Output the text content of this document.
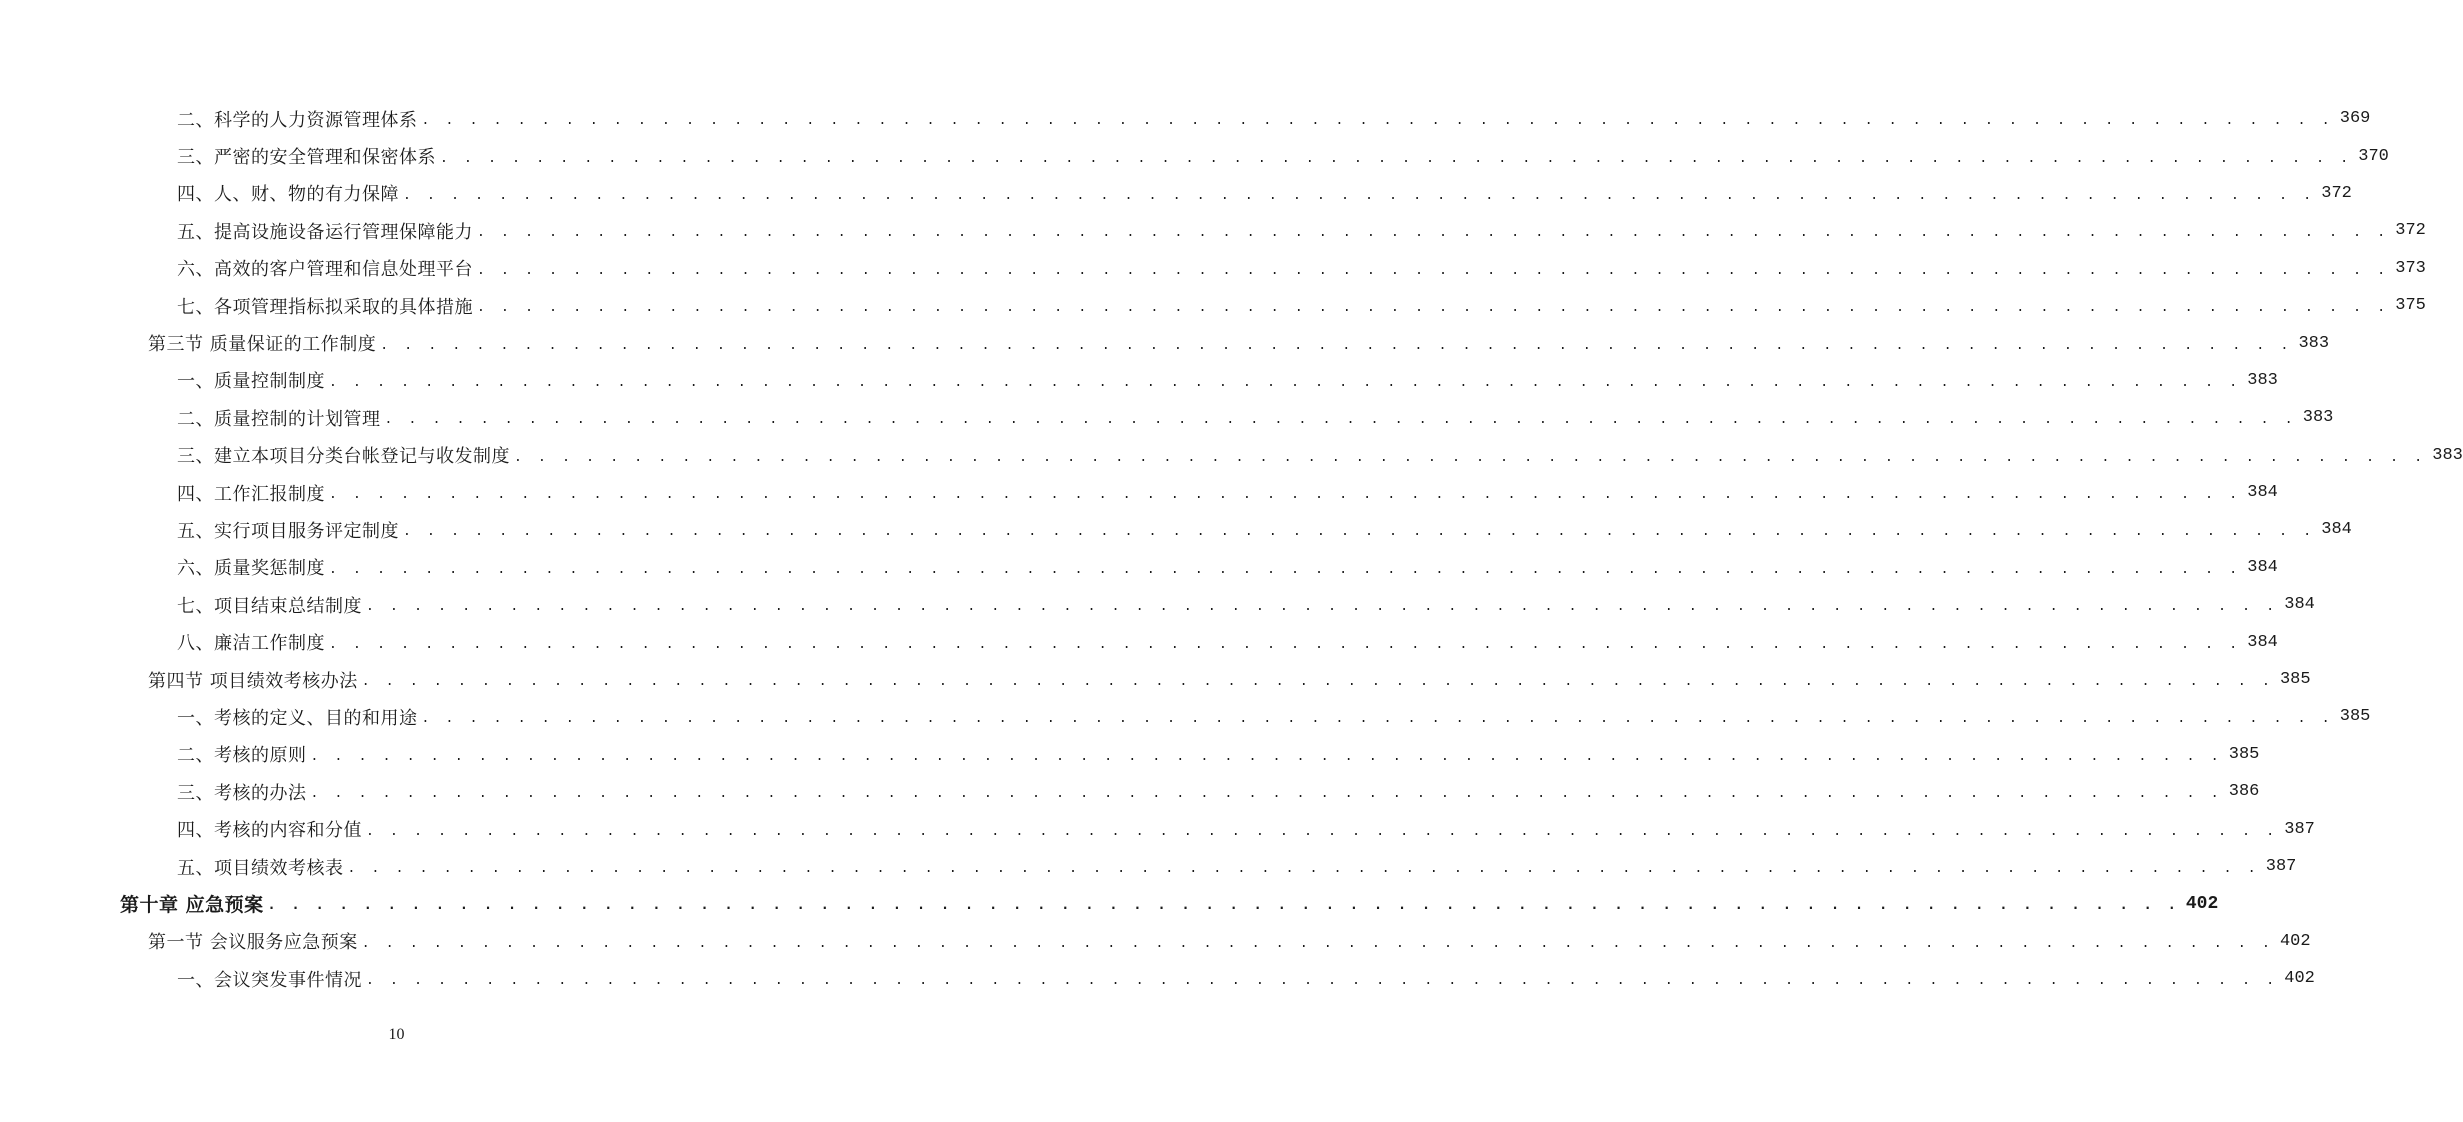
二、科学的人力资源管理体系 . . . . . . . . . . . . . . . . . . . . . . . . . . . . . . . . . . . . . . . . . . . . . . . . . . . . . . . . . . . . . . . . . . . . . . . . . . . . . . . . 369
三、严密的安全管理和保密体系 . . . . . . . . . . . . . . . . . . . . . . . . . . . . . . . . . . . . . . . . . . . . . . . . . . . . . . . . . . . . . . . . . . . . . . . . . . . . . . . . 370
四、人、财、物的有力保障 . . . . . . . . . . . . . . . . . . . . . . . . . . . . . . . . . . . . . . . . . . . . . . . . . . . . . . . . . . . . . . . . . . . . . . . . . . . . . . . . 372
五、提高设施设备运行管理保障能力 . . . . . . . . . . . . . . . . . . . . . . . . . . . . . . . . . . . . . . . . . . . . . . . . . . . . . . . . . . . . . . . . . . . . . . . . . . . . . . . . 372
六、高效的客户管理和信息处理平台 . . . . . . . . . . . . . . . . . . . . . . . . . . . . . . . . . . . . . . . . . . . . . . . . . . . . . . . . . . . . . . . . . . . . . . . . . . . . . . . . 373
七、各项管理指标拟采取的具体措施 . . . . . . . . . . . . . . . . . . . . . . . . . . . . . . . . . . . . . . . . . . . . . . . . . . . . . . . . . . . . . . . . . . . . . . . . . . . . . . . . 375
第三节 质量保证的工作制度 . . . . . . . . . . . . . . . . . . . . . . . . . . . . . . . . . . . . . . . . . . . . . . . . . . . . . . . . . . . . . . . . . . . . . . . . . . . . . . . . 383
一、质量控制制度 . . . . . . . . . . . . . . . . . . . . . . . . . . . . . . . . . . . . . . . . . . . . . . . . . . . . . . . . . . . . . . . . . . . . . . . . . . . . . . . . 383
二、质量控制的计划管理 . . . . . . . . . . . . . . . . . . . . . . . . . . . . . . . . . . . . . . . . . . . . . . . . . . . . . . . . . . . . . . . . . . . . . . . . . . . . . . . . 383
三、建立本项目分类台帐登记与收发制度 . . . . . . . . . . . . . . . . . . . . . . . . . . . . . . . . . . . . . . . . . . . . . . . . . . . . . . . . . . . . . . . . . . . . . . . . . . . . . . . . 383
四、工作汇报制度 . . . . . . . . . . . . . . . . . . . . . . . . . . . . . . . . . . . . . . . . . . . . . . . . . . . . . . . . . . . . . . . . . . . . . . . . . . . . . . . . 384
五、实行项目服务评定制度 . . . . . . . . . . . . . . . . . . . . . . . . . . . . . . . . . . . . . . . . . . . . . . . . . . . . . . . . . . . . . . . . . . . . . . . . . . . . . . . . 384
六、质量奖惩制度 . . . . . . . . . . . . . . . . . . . . . . . . . . . . . . . . . . . . . . . . . . . . . . . . . . . . . . . . . . . . . . . . . . . . . . . . . . . . . . . . 384
七、项目结束总结制度 . . . . . . . . . . . . . . . . . . . . . . . . . . . . . . . . . . . . . . . . . . . . . . . . . . . . . . . . . . . . . . . . . . . . . . . . . . . . . . . . 384
八、廉洁工作制度 . . . . . . . . . . . . . . . . . . . . . . . . . . . . . . . . . . . . . . . . . . . . . . . . . . . . . . . . . . . . . . . . . . . . . . . . . . . . . . . . 384
第四节 项目绩效考核办法 . . . . . . . . . . . . . . . . . . . . . . . . . . . . . . . . . . . . . . . . . . . . . . . . . . . . . . . . . . . . . . . . . . . . . . . . . . . . . . . . 385
一、考核的定义、目的和用途 . . . . . . . . . . . . . . . . . . . . . . . . . . . . . . . . . . . . . . . . . . . . . . . . . . . . . . . . . . . . . . . . . . . . . . . . . . . . . . . . 385
二、考核的原则 . . . . . . . . . . . . . . . . . . . . . . . . . . . . . . . . . . . . . . . . . . . . . . . . . . . . . . . . . . . . . . . . . . . . . . . . . . . . . . . . 385
三、考核的办法 . . . . . . . . . . . . . . . . . . . . . . . . . . . . . . . . . . . . . . . . . . . . . . . . . . . . . . . . . . . . . . . . . . . . . . . . . . . . . . . . 386
四、考核的内容和分值 . . . . . . . . . . . . . . . . . . . . . . . . . . . . . . . . . . . . . . . . . . . . . . . . . . . . . . . . . . . . . . . . . . . . . . . . . . . . . . . . 387
五、项目绩效考核表 . . . . . . . . . . . . . . . . . . . . . . . . . . . . . . . . . . . . . . . . . . . . . . . . . . . . . . . . . . . . . . . . . . . . . . . . . . . . . . . . 387
第十章 应急预案 . . . . . . . . . . . . . . . . . . . . . . . . . . . . . . . . . . . . . . . . . . . . . . . . . . . . . . . . . . . . . . . . . . . . . . . . . . . . . . . . 402
第一节 会议服务应急预案 . . . . . . . . . . . . . . . . . . . . . . . . . . . . . . . . . . . . . . . . . . . . . . . . . . . . . . . . . . . . . . . . . . . . . . . . . . . . . . . . 402
一、会议突发事件情况 . . . . . . . . . . . . . . . . . . . . . . . . . . . . . . . . . . . . . . . . . . . . . . . . . . . . . . . . . . . . . . . . . . . . . . . . . . . . . . . . 402
10
